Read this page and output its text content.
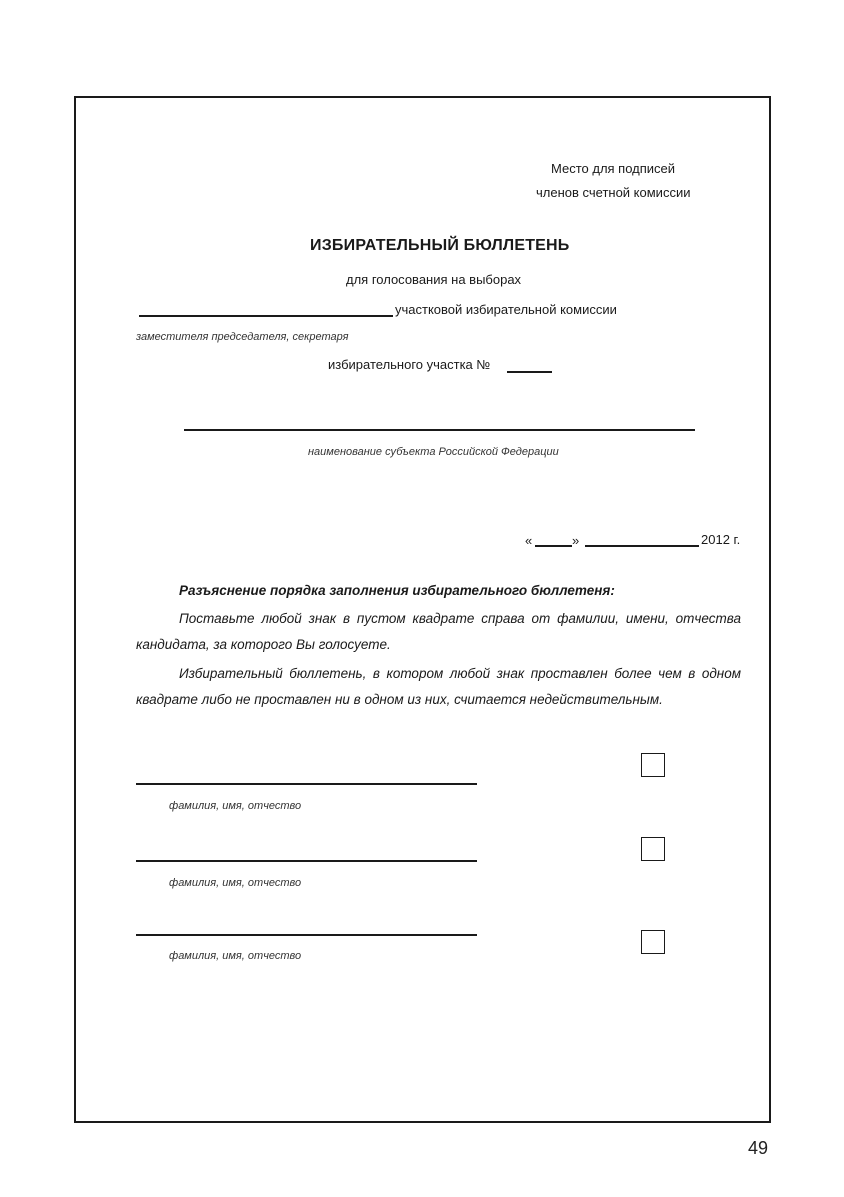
Место для подписей
членов счетной комиссии
ИЗБИРАТЕЛЬНЫЙ БЮЛЛЕТЕНЬ
для голосования на выборах
участковой избирательной комиссии
заместителя председателя, секретаря
избирательного участка №
наименование субъекта Российской Федерации
«	»	2012 г.
Разъяснение порядка заполнения избирательного бюллетеня:
Поставьте любой знак в пустом квадрате справа от фамилии, имени, отчества
кандидата, за которого Вы голосуете.
Избирательный бюллетень, в котором любой знак проставлен более чем в одном
квадрате либо не проставлен ни в одном из них, считается недействительным.
фамилия, имя, отчество
фамилия, имя, отчество
фамилия, имя, отчество
49
